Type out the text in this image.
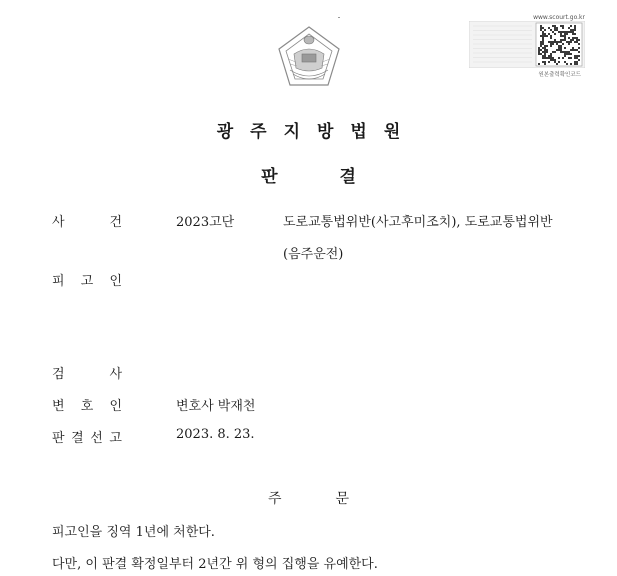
www.scourt.go.kr
원본출력확인코드
광주지방법원
판결
사	건	2023고단	도로교통법위반(사고후미조치), 도로교통법위반
(음주운전)
피 고 인
검	사
변 호 인	변호사 박재천
판 결 선 고	2023. 8. 23.
주문
피고인을 징역 1년에 처한다.
다만, 이 판결 확정일부터 2년간 위 형의 집행을 유예한다.
